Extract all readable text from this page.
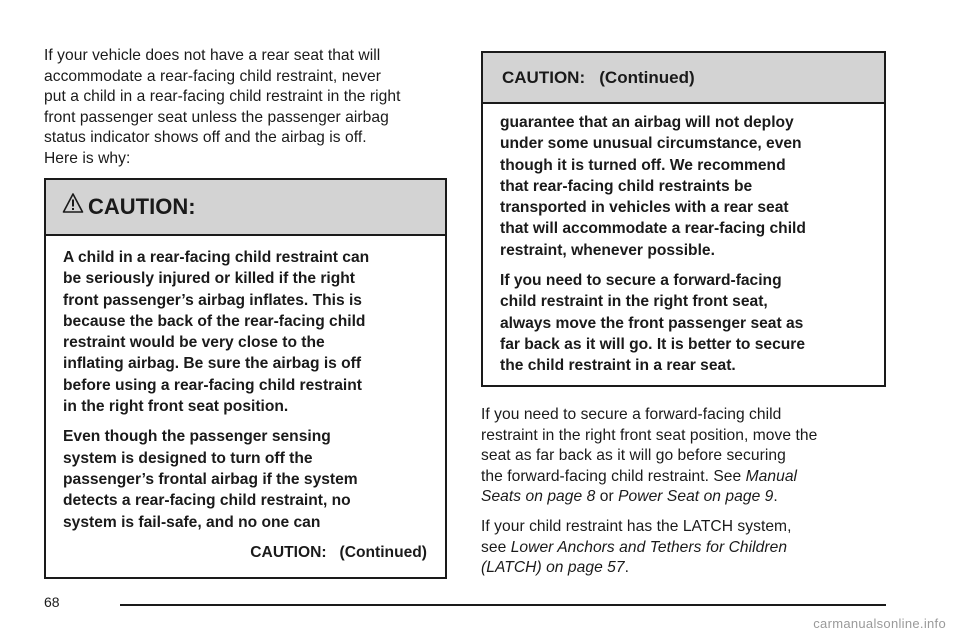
If your vehicle does not have a rear seat that will
accommodate a rear-facing child restraint, never
put a child in a rear-facing child restraint in the right
front passenger seat unless the passenger airbag
status indicator shows off and the airbag is off.
Here is why:

CAUTION:

A child in a rear-facing child restraint can
be seriously injured or killed if the right
front passenger’s airbag inflates. This is
because the back of the rear-facing child
restraint would be very close to the
inflating airbag. Be sure the airbag is off
before using a rear-facing child restraint
in the right front seat position.

Even though the passenger sensing
system is designed to turn off the
passenger’s frontal airbag if the system
detects a rear-facing child restraint, no
system is fail-safe, and no one can

CAUTION:   (Continued)
CAUTION:   (Continued)

guarantee that an airbag will not deploy
under some unusual circumstance, even
though it is turned off. We recommend
that rear-facing child restraints be
transported in vehicles with a rear seat
that will accommodate a rear-facing child
restraint, whenever possible.

If you need to secure a forward-facing
child restraint in the right front seat,
always move the front passenger seat as
far back as it will go. It is better to secure
the child restraint in a rear seat.

If you need to secure a forward-facing child
restraint in the right front seat position, move the
seat as far back as it will go before securing
the forward-facing child restraint. See Manual
Seats on page 8 or Power Seat on page 9.

If your child restraint has the LATCH system,
see Lower Anchors and Tethers for Children
(LATCH) on page 57.

68
carmanualsonline.info
